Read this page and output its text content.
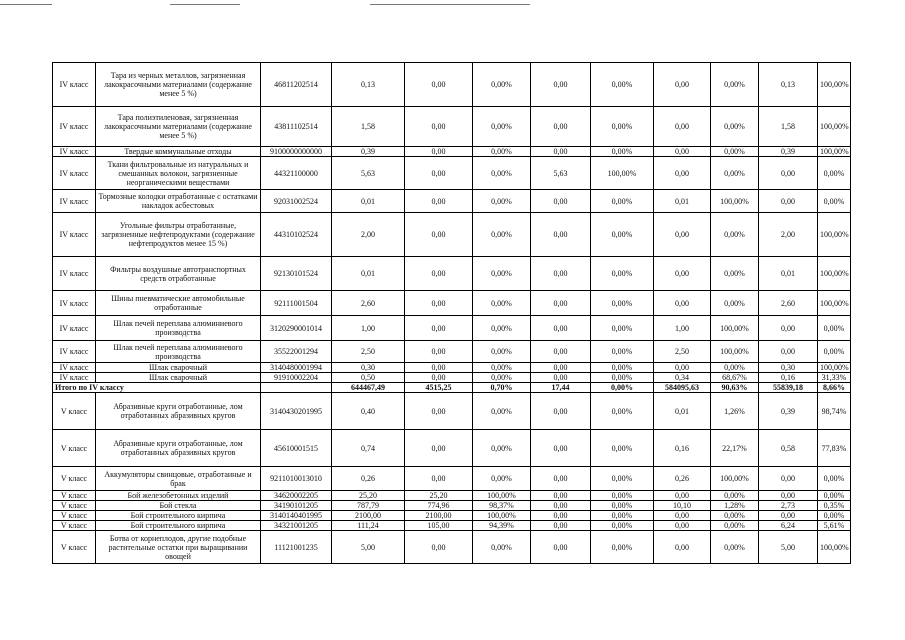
IV класс	Тара из черных металлов, загрязненная лакокрасочными материалами (содержание менее 5 %)	46811202514	0,13	0,00	0,00%	0,00	0,00%	0,00	0,00%	0,13	100,00%
IV класс	Тара полиэтиленовая, загрязненная лакокрасочными материалами (содержание менее 5 %)	43811102514	1,58	0,00	0,00%	0,00	0,00%	0,00	0,00%	1,58	100,00%
IV класс	Твердые коммунальные отходы	9100000000000	0,39	0,00	0,00%	0,00	0,00%	0,00	0,00%	0,39	100,00%
IV класс	Ткани фильтровальные из натуральных и смешанных волокон, загрязненные неорганическими веществами	44321100000	5,63	0,00	0,00%	5,63	100,00%	0,00	0,00%	0,00	0,00%
IV класс	Тормозные колодки отработанные с остатками накладок асбестовых	92031002524	0,01	0,00	0,00%	0,00	0,00%	0,01	100,00%	0,00	0,00%
IV класс	Угольные фильтры отработанные, загрязненные нефтепродуктами (содержание нефтепродуктов менее 15 %)	44310102524	2,00	0,00	0,00%	0,00	0,00%	0,00	0,00%	2,00	100,00%
IV класс	Фильтры воздушные автотранспортных средств отработанные	92130101524	0,01	0,00	0,00%	0,00	0,00%	0,00	0,00%	0,01	100,00%
IV класс	Шины пневматические автомобильные отработанные	92111001504	2,60	0,00	0,00%	0,00	0,00%	0,00	0,00%	2,60	100,00%
IV класс	Шлак печей переплава алюминиевого производства	3120290001014	1,00	0,00	0,00%	0,00	0,00%	1,00	100,00%	0,00	0,00%
IV класс	Шлак печей переплава алюминиевого производства	35522001294	2,50	0,00	0,00%	0,00	0,00%	2,50	100,00%	0,00	0,00%
IV класс	Шлак сварочный	3140480001994	0,30	0,00	0,00%	0,00	0,00%	0,00	0,00%	0,30	100,00%
IV класс	Шлак сварочный	91910002204	0,50	0,00	0,00%	0,00	0,00%	0,34	68,67%	0,16	31,33%
Итого по IV классу			644467,49	4515,25	0,70%	17,44	0,00%	584095,63	90,63%	55839,18	8,66%
V класс	Абразивные круги отработанные, лом отработанных абразивных кругов	3140430201995	0,40	0,00	0,00%	0,00	0,00%	0,01	1,26%	0,39	98,74%
V класс	Абразивные круги отработанные, лом отработанных абразивных кругов	45610001515	0,74	0,00	0,00%	0,00	0,00%	0,16	22,17%	0,58	77,83%
V класс	Аккумуляторы свинцовые, отработанные и брак	9211010013010	0,26	0,00	0,00%	0,00	0,00%	0,26	100,00%	0,00	0,00%
V класс	Бой железобетонных изделий	34620002205	25,20	25,20	100,00%	0,00	0,00%	0,00	0,00%	0,00	0,00%
V класс	Бой стекла	34190101205	787,79	774,96	98,37%	0,00	0,00%	10,10	1,28%	2,73	0,35%
V класс	Бой строительного кирпича	3140140401995	2100,00	2100,00	100,00%	0,00	0,00%	0,00	0,00%	0,00	0,00%
V класс	Бой строительного кирпича	34321001205	111,24	105,00	94,39%	0,00	0,00%	0,00	0,00%	6,24	5,61%
V класс	Ботва от корнеплодов, другие подобные растительные остатки при выращивании овощей	11121001235	5,00	0,00	0,00%	0,00	0,00%	0,00	0,00%	5,00	100,00%
